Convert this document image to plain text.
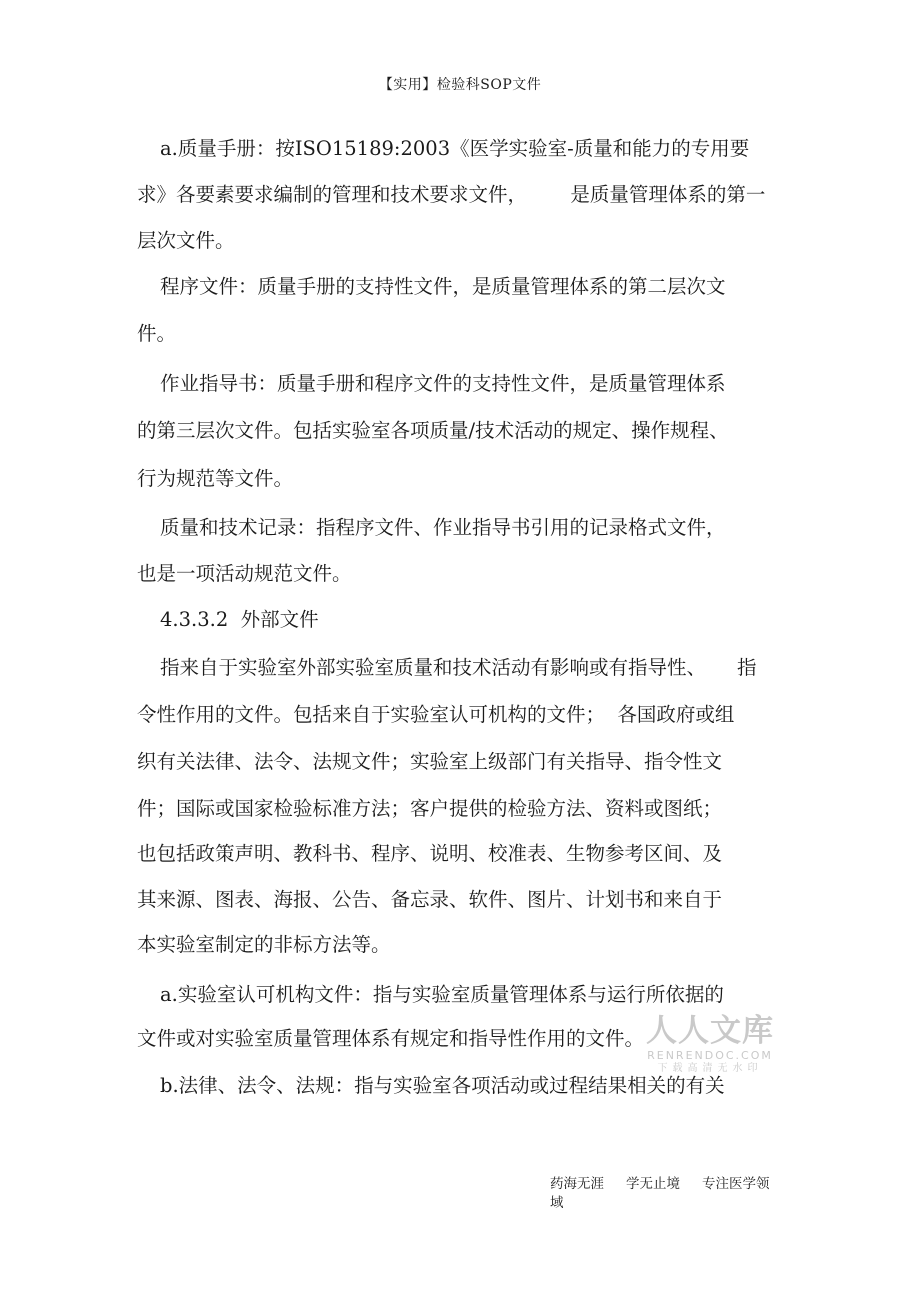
【实用】检验科SOP文件
a.质量手册：按ISO15189:2003《医学实验室-质量和能力的专用要
求》各要素要求编制的管理和技术要求文件，       是质量管理体系的第一
层次文件。
程序文件：质量手册的支持性文件，是质量管理体系的第二层次文
件。
作业指导书：质量手册和程序文件的支持性文件，是质量管理体系
的第三层次文件。包括实验室各项质量/技术活动的规定、操作规程、
行为规范等文件。
质量和技术记录：指程序文件、作业指导书引用的记录格式文件，
也是一项活动规范文件。
4.3.3.2  外部文件
指来自于实验室外部实验室质量和技术活动有影响或有指导性、     指
令性作用的文件。包括来自于实验室认可机构的文件；  各国政府或组
织有关法律、法令、法规文件；实验室上级部门有关指导、指令性文
件；国际或国家检验标准方法；客户提供的检验方法、资料或图纸；
也包括政策声明、教科书、程序、说明、校准表、生物参考区间、及
其来源、图表、海报、公告、备忘录、软件、图片、计划书和来自于
本实验室制定的非标方法等。
a.实验室认可机构文件：指与实验室质量管理体系与运行所依据的
文件或对实验室质量管理体系有规定和指导性作用的文件。
b.法律、法令、法规：指与实验室各项活动或过程结果相关的有关
人人文库
RENRENDOC.COM
下载高清无水印
药海无涯 学无止境 专注医学领
域
